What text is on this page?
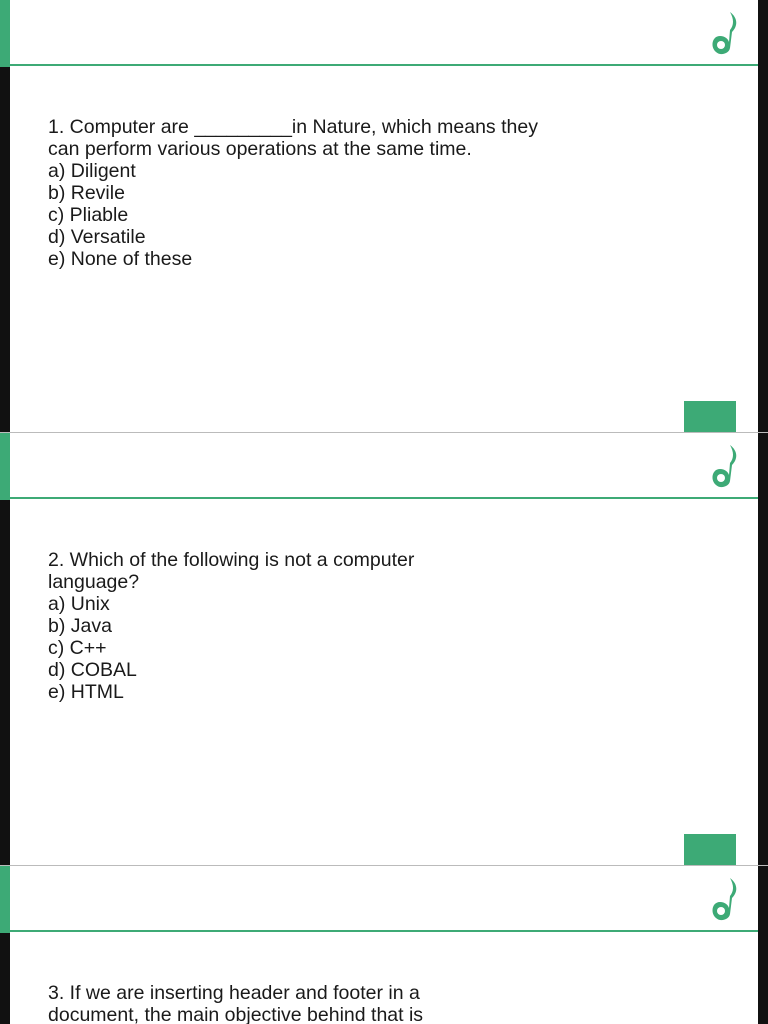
1. Computer are _________in Nature, which means they
can perform various operations at the same time.
a) Diligent
b) Revile
c) Pliable
d) Versatile
e) None of these
2. Which of the following is not a computer
language?
a) Unix
b) Java
c) C++
d) COBAL
e) HTML
3. If we are inserting header and footer in a
document, the main objective behind that is
